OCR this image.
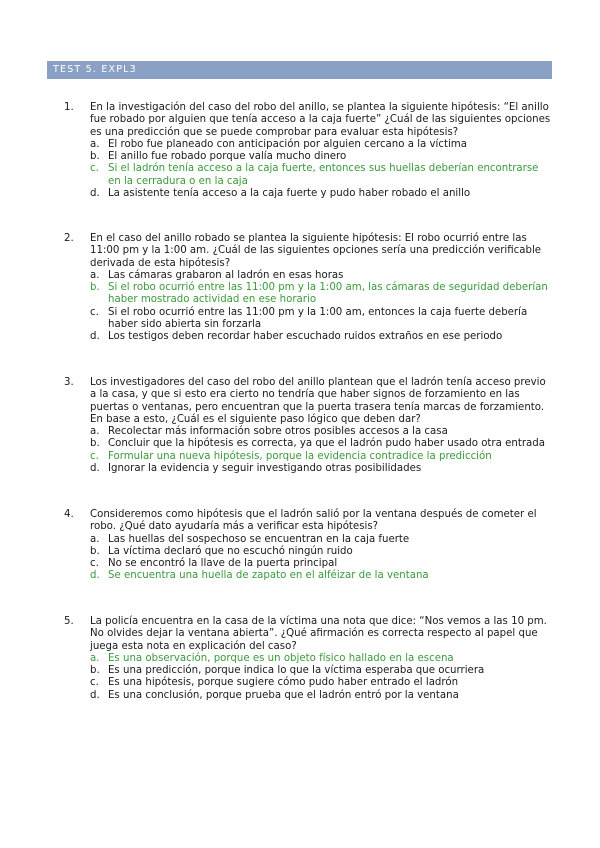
TEST 5. EXPL3
1.	En la investigación del caso del robo del anillo, se plantea la siguiente hipótesis: “El anillo fue robado por alguien que tenía acceso a la caja fuerte” ¿Cuál de las siguientes opciones es una predicción que se puede comprobar para evaluar esta hipótesis?
a. El robo fue planeado con anticipación por alguien cercano a la víctima
b. El anillo fue robado porque valía mucho dinero
c. Si el ladrón tenía acceso a la caja fuerte, entonces sus huellas deberían encontrarse en la cerradura o en la caja
d. La asistente tenía acceso a la caja fuerte y pudo haber robado el anillo
2.	En el caso del anillo robado se plantea la siguiente hipótesis: El robo ocurrió entre las 11:00 pm y la 1:00 am. ¿Cuál de las siguientes opciones sería una predicción verificable derivada de esta hipótesis?
a. Las cámaras grabaron al ladrón en esas horas
b. Si el robo ocurrió entre las 11:00 pm y la 1:00 am, las cámaras de seguridad deberían haber mostrado actividad en ese horario
c. Si el robo ocurrió entre las 11:00 pm y la 1:00 am, entonces la caja fuerte debería haber sido abierta sin forzarla
d. Los testigos deben recordar haber escuchado ruidos extraños en ese periodo
3.	Los investigadores del caso del robo del anillo plantean que el ladrón tenía acceso previo a la casa, y que si esto era cierto no tendría que haber signos de forzamiento en las puertas o ventanas, pero encuentran que la puerta trasera tenía marcas de forzamiento. En base a esto, ¿Cuál es el siguiente paso lógico que deben dar?
a. Recolectar más información sobre otros posibles accesos a la casa
b. Concluir que la hipótesis es correcta, ya que el ladrón pudo haber usado otra entrada
c. Formular una nueva hipótesis, porque la evidencia contradice la predicción
d. Ignorar la evidencia y seguir investigando otras posibilidades
4.	Consideremos como hipótesis que el ladrón salió por la ventana después de cometer el robo. ¿Qué dato ayudaría más a verificar esta hipótesis?
a. Las huellas del sospechoso se encuentran en la caja fuerte
b. La víctima declaró que no escuchó ningún ruido
c. No se encontró la llave de la puerta principal
d. Se encuentra una huella de zapato en el alféizar de la ventana
5.	La policía encuentra en la casa de la víctima una nota que dice: “Nos vemos a las 10 pm. No olvides dejar la ventana abierta”. ¿Qué afirmación es correcta respecto al papel que juega esta nota en explicación del caso?
a. Es una observación, porque es un objeto físico hallado en la escena
b. Es una predicción, porque indica lo que la víctima esperaba que ocurriera
c. Es una hipótesis, porque sugiere cómo pudo haber entrado el ladrón
d. Es una conclusión, porque prueba que el ladrón entró por la ventana
